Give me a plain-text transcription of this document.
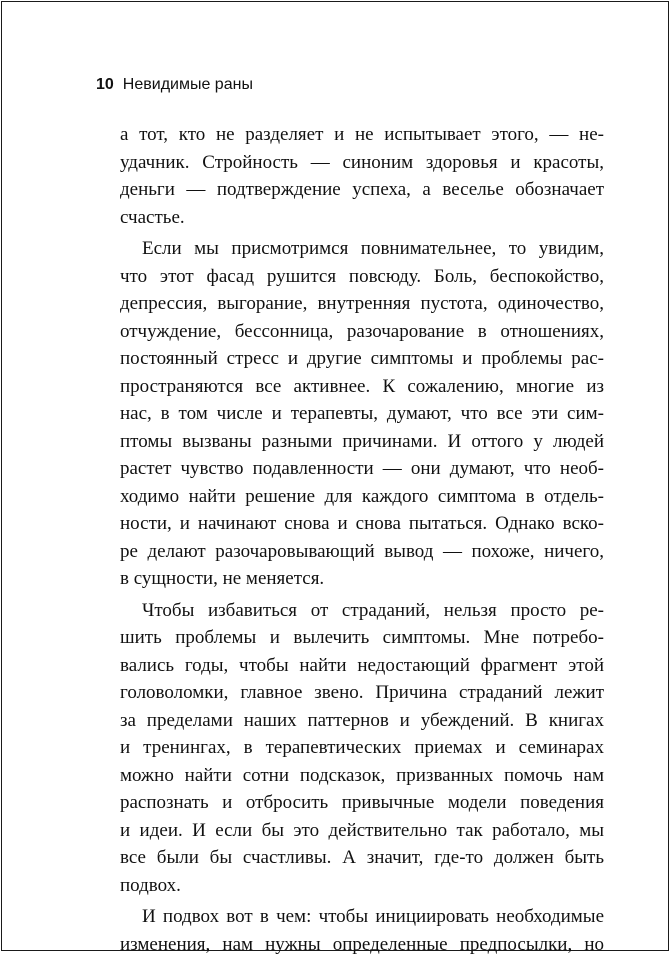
10 Невидимые раны
а тот, кто не разделяет и не испытывает этого, — не-
удачник. Стройность — синоним здоровья и красоты,
деньги — подтверждение успеха, а веселье обозначает
счастье.
Если мы присмотримся повнимательнее, то увидим,
что этот фасад рушится повсюду. Боль, беспокойство,
депрессия, выгорание, внутренняя пустота, одиночество,
отчуждение, бессонница, разочарование в отношениях,
постоянный стресс и другие симптомы и проблемы рас-
пространяются все активнее. К сожалению, многие из
нас, в том числе и терапевты, думают, что все эти сим-
птомы вызваны разными причинами. И оттого у людей
растет чувство подавленности — они думают, что необ-
ходимо найти решение для каждого симптома в отдель-
ности, и начинают снова и снова пытаться. Однако вско-
ре делают разочаровывающий вывод — похоже, ничего,
в сущности, не меняется.
Чтобы избавиться от страданий, нельзя просто ре-
шить проблемы и вылечить симптомы. Мне потребо-
вались годы, чтобы найти недостающий фрагмент этой
головоломки, главное звено. Причина страданий лежит
за пределами наших паттернов и убеждений. В книгах
и тренингах, в терапевтических приемах и семинарах
можно найти сотни подсказок, призванных помочь нам
распознать и отбросить привычные модели поведения
и идеи. И если бы это действительно так работало, мы
все были бы счастливы. А значит, где-то должен быть
подвох.
И подвох вот в чем: чтобы инициировать необходимые
изменения, нам нужны определенные предпосылки, но
